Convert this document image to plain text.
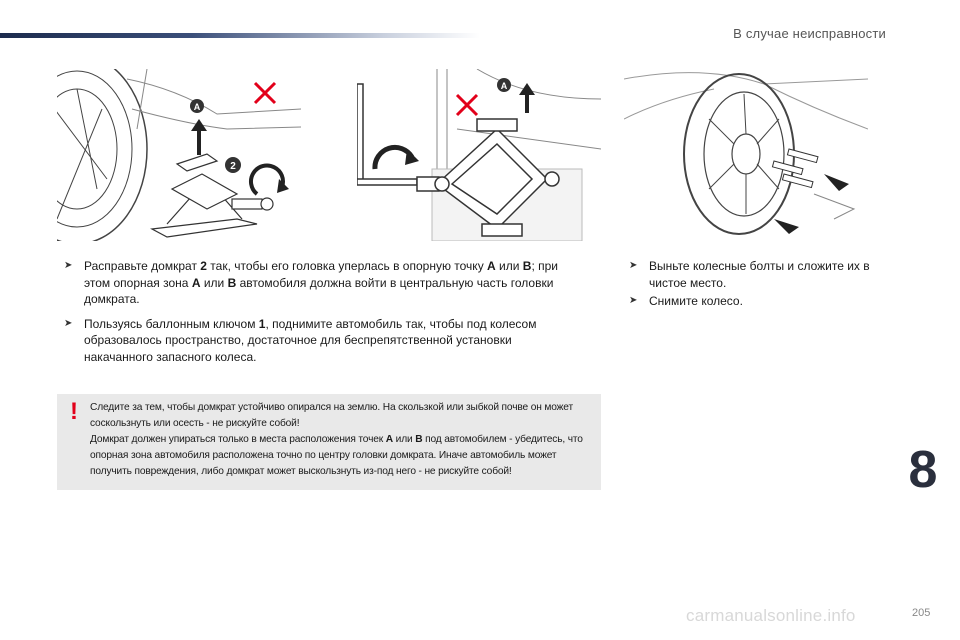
В случае неисправности
A
2
A
➤ Расправьте домкрат 2 так, чтобы его головка уперлась в опорную точку A или B; при этом опорная зона A или B автомобиля должна войти в центральную часть головки домкрата.
➤ Пользуясь баллонным ключом 1, поднимите автомобиль так, чтобы под колесом образовалось пространство, достаточное для беспрепятственной установки накачанного запасного колеса.
➤ Выньте колесные болты и сложите их в чистое место.
➤ Снимите колесо.
! Следите за тем, чтобы домкрат устойчиво опирался на землю. На скользкой или зыбкой почве он может соскользнуть или осесть - не рискуйте собой!

Домкрат должен упираться только в места расположения точек A или B под автомобилем - убедитесь, что опорная зона автомобиля расположена точно по центру головки домкрата. Иначе автомобиль может получить повреждения, либо домкрат может выскользнуть из-под него - не рискуйте собой!	8
carmanualsonline.info	205
